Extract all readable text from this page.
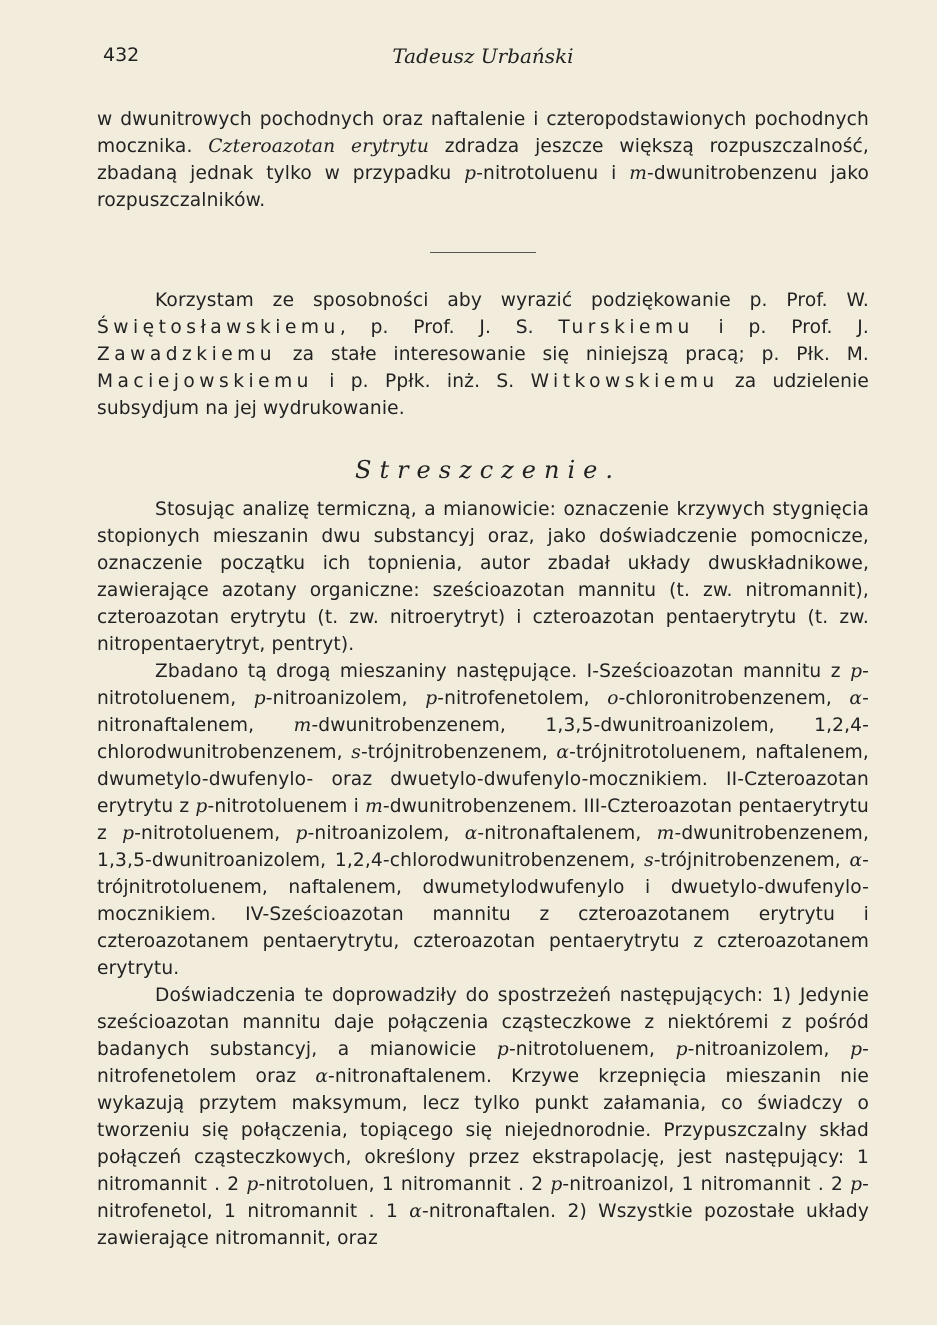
432	Tadeusz Urbański

w dwunitrowych pochodnych oraz naftalenie i czteropodstawionych pochodnych mocznika. Czteroazotan erytrytu zdradza jeszcze większą rozpuszczalność, zbadaną jednak tylko w przypadku p-nitrotoluenu i m-dwunitrobenzenu jako rozpuszczalników.

Korzystam ze sposobności aby wyrazić podziękowanie p. Prof. W. Świętosławskiemu, p. Prof. J. S. Turskiemu i p. Prof. J. Zawadzkiemu za stałe interesowanie się niniejszą pracą; p. Płk. M. Maciejowskiemu i p. Ppłk. inż. S. Witkowskiemu za udzielenie subsydjum na jej wydrukowanie.

Streszczenie.

Stosując analizę termiczną, a mianowicie: oznaczenie krzywych stygnięcia stopionych mieszanin dwu substancyj oraz, jako doświadczenie pomocnicze, oznaczenie początku ich topnienia, autor zbadał układy dwuskładnikowe, zawierające azotany organiczne: sześcioazotan mannitu (t. zw. nitromannit), czteroazotan erytrytu (t. zw. nitroerytryt) i czteroazotan pentaerytrytu (t. zw. nitropentaerytryt, pentryt).

Zbadano tą drogą mieszaniny następujące. I-Sześcioazotan mannitu z p-nitrotoluenem, p-nitroanizolem, p-nitrofenetolem, o-chloronitrobenzenem, α-nitronaftalenem, m-dwunitrobenzenem, 1,3,5-dwunitroanizolem, 1,2,4-chlorodwunitrobenzenem, s-trójnitrobenzenem, α-trójnitrotoluenem, naftalenem, dwumetylo-dwufenylo- oraz dwuetylo-dwufenylo-mocznikiem. II-Czteroazotan erytrytu z p-nitrotoluenem i m-dwunitrobenzenem. III-Czteroazotan pentaerytrytu z p-nitrotoluenem, p-nitroanizolem, α-nitronaftalenem, m-dwunitrobenzenem, 1,3,5-dwunitroanizolem, 1,2,4-chlorodwunitrobenzenem, s-trójnitrobenzenem, α-trójnitrotoluenem, naftalenem, dwumetylodwufenylo i dwuetylo-dwufenylo-mocznikiem. IV-Sześcioazotan mannitu z czteroazotanem erytrytu i czteroazotanem pentaerytrytu, czteroazotan pentaerytrytu z czteroazotanem erytrytu.

Doświadczenia te doprowadziły do spostrzeżeń następujących: 1) Jedynie sześcioazotan mannitu daje połączenia cząsteczkowe z niektóremi z pośród badanych substancyj, a mianowicie p-nitrotoluenem, p-nitroanizolem, p-nitrofenetolem oraz α-nitronaftalenem. Krzywe krzepnięcia mieszanin nie wykazują przytem maksymum, lecz tylko punkt załamania, co świadczy o tworzeniu się połączenia, topiącego się niejednorodnie. Przypuszczalny skład połączeń cząsteczkowych, określony przez ekstrapolację, jest następujący: 1 nitromannit . 2 p-nitrotoluen, 1 nitromannit . 2 p-nitroanizol, 1 nitromannit . 2 p-nitrofenetol, 1 nitromannit . 1 α-nitronaftalen. 2) Wszystkie pozostałe układy zawierające nitromannit, oraz
